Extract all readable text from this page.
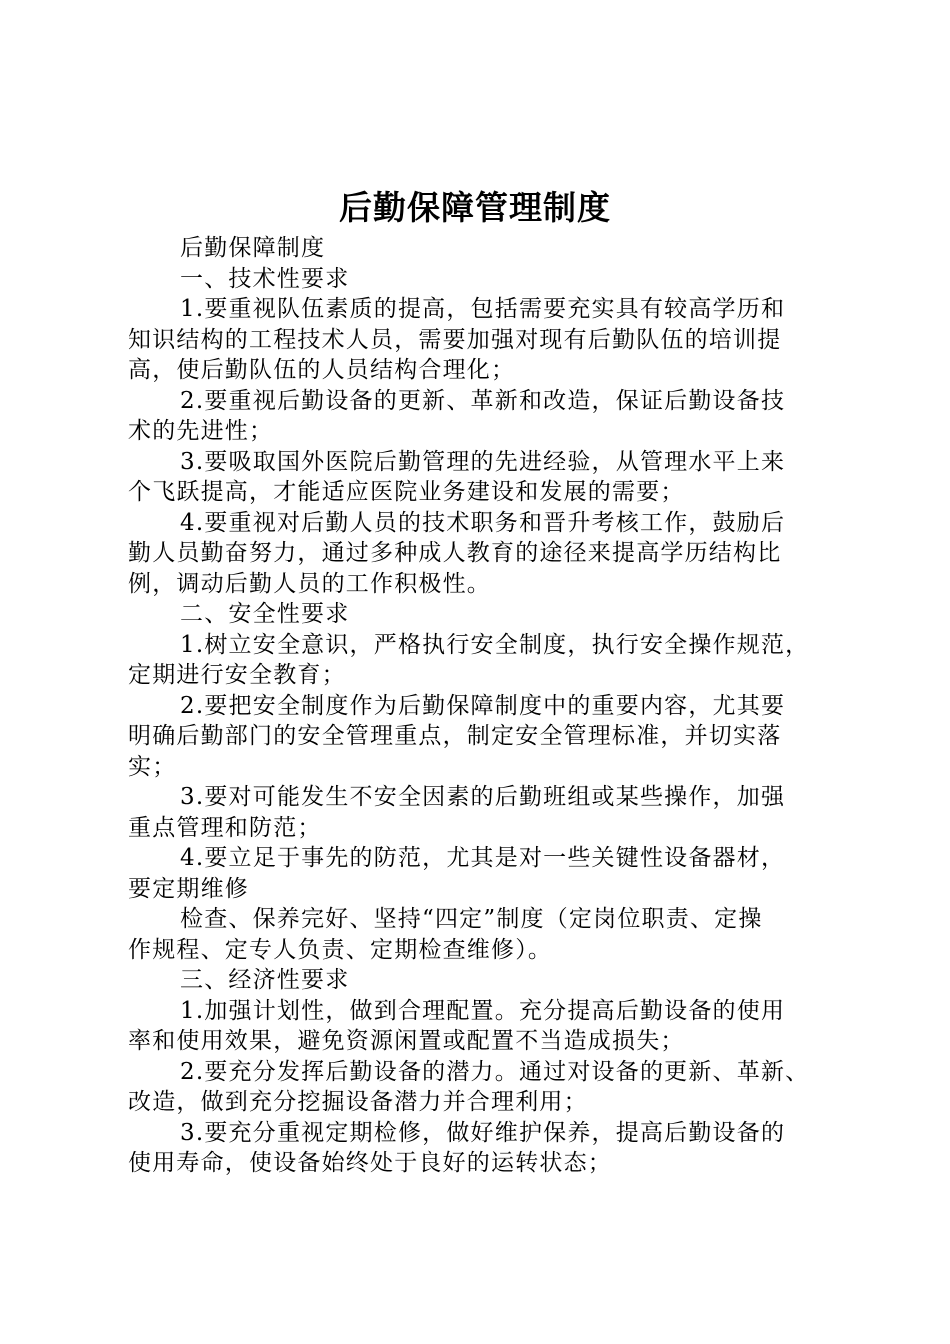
后勤保障管理制度
后勤保障制度
一、技术性要求
1.要重视队伍素质的提高，包括需要充实具有较高学历和
知识结构的工程技术人员，需要加强对现有后勤队伍的培训提
高，使后勤队伍的人员结构合理化；
2.要重视后勤设备的更新、革新和改造，保证后勤设备技
术的先进性；
3.要吸取国外医院后勤管理的先进经验，从管理水平上来
个飞跃提高，才能适应医院业务建设和发展的需要；
4.要重视对后勤人员的技术职务和晋升考核工作，鼓励后
勤人员勤奋努力，通过多种成人教育的途径来提高学历结构比
例，调动后勤人员的工作积极性。
二、安全性要求
1.树立安全意识，严格执行安全制度，执行安全操作规范，
定期进行安全教育；
2.要把安全制度作为后勤保障制度中的重要内容，尤其要
明确后勤部门的安全管理重点，制定安全管理标准，并切实落
实；
3.要对可能发生不安全因素的后勤班组或某些操作，加强
重点管理和防范；
4.要立足于事先的防范，尤其是对一些关键性设备器材，
要定期维修
检查、保养完好、坚持“四定”制度（定岗位职责、定操
作规程、定专人负责、定期检查维修）。
三、经济性要求
1.加强计划性，做到合理配置。充分提高后勤设备的使用
率和使用效果，避免资源闲置或配置不当造成损失；
2.要充分发挥后勤设备的潜力。通过对设备的更新、革新、
改造，做到充分挖掘设备潜力并合理利用；
3.要充分重视定期检修，做好维护保养，提高后勤设备的
使用寿命，使设备始终处于良好的运转状态；
